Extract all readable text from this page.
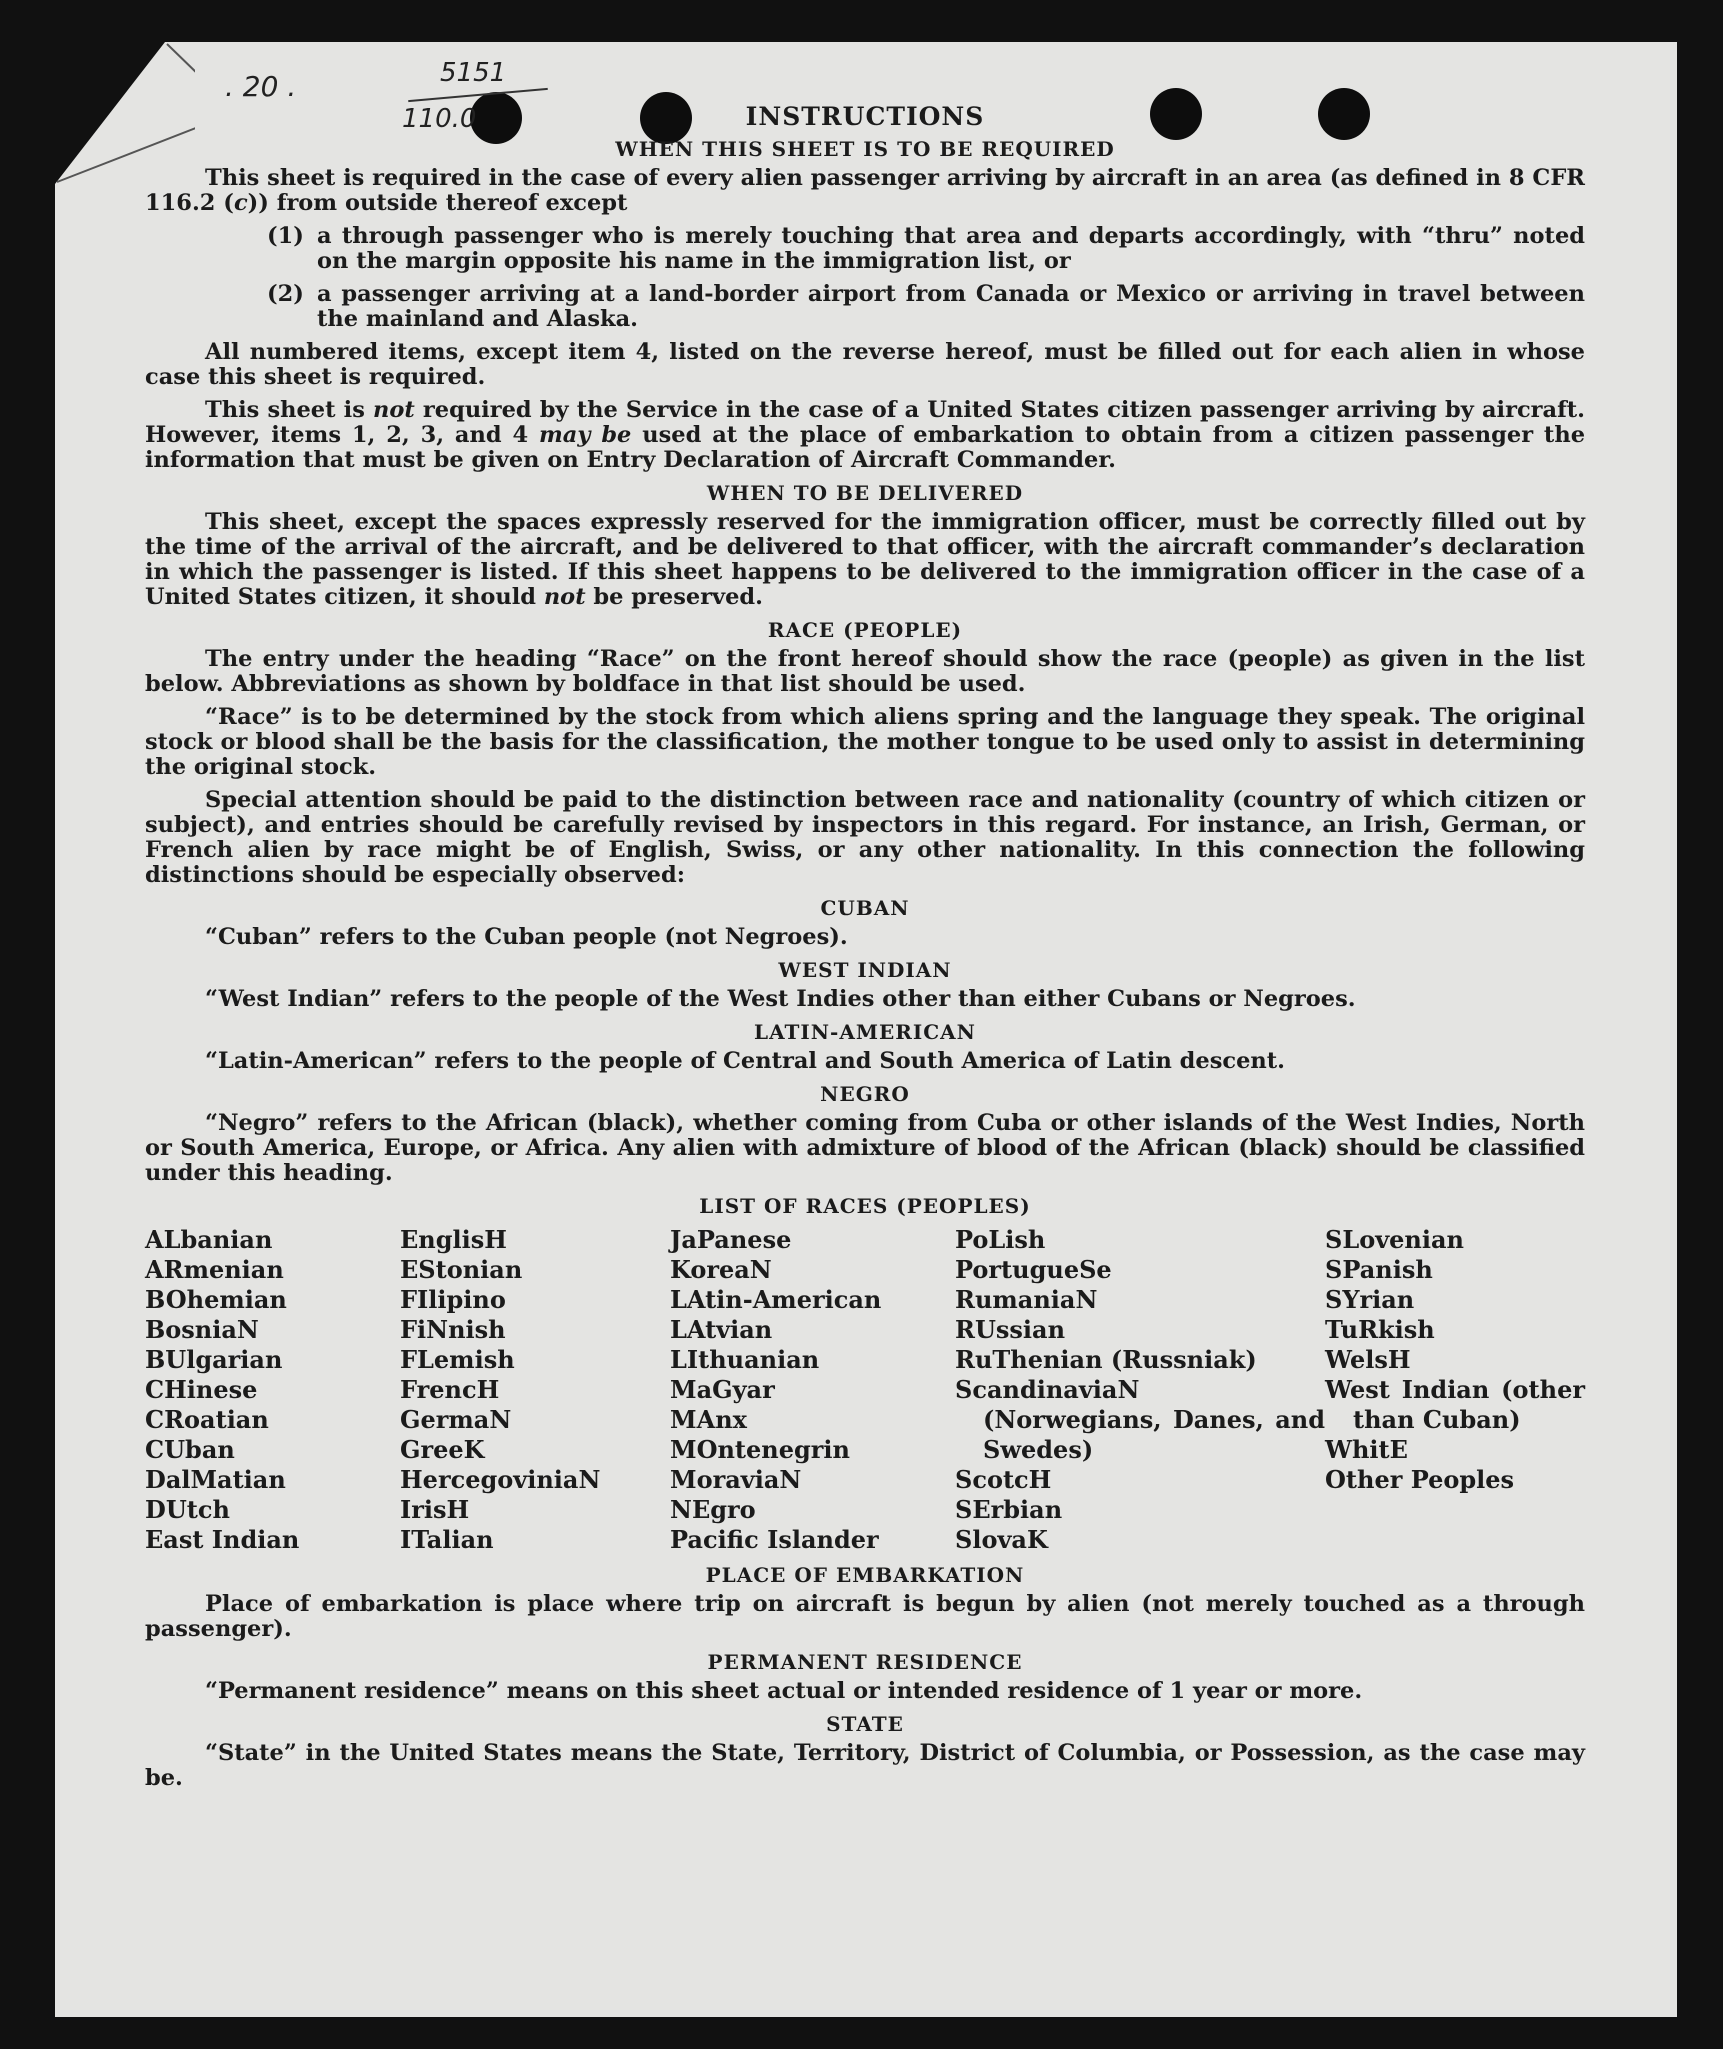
. 20 .	5151
110.0	INSTRUCTIONS
WHEN THIS SHEET IS TO BE REQUIRED

This sheet is required in the case of every alien passenger arriving by aircraft in an area (as defined in 8 CFR 116.2 (c)) from outside thereof except

(1) a through passenger who is merely touching that area and departs accordingly, with “thru” noted on the margin opposite his name in the immigration list, or
(2) a passenger arriving at a land-border airport from Canada or Mexico or arriving in travel between the mainland and Alaska.

All numbered items, except item 4, listed on the reverse hereof, must be filled out for each alien in whose case this sheet is required.

This sheet is not required by the Service in the case of a United States citizen passenger arriving by aircraft. However, items 1, 2, 3, and 4 may be used at the place of embarkation to obtain from a citizen passenger the information that must be given on Entry Declaration of Aircraft Commander.

WHEN TO BE DELIVERED

This sheet, except the spaces expressly reserved for the immigration officer, must be correctly filled out by the time of the arrival of the aircraft, and be delivered to that officer, with the aircraft commander’s declaration in which the passenger is listed. If this sheet happens to be delivered to the immigration officer in the case of a United States citizen, it should not be preserved.

RACE (PEOPLE)

The entry under the heading “Race” on the front hereof should show the race (people) as given in the list below. Abbreviations as shown by boldface in that list should be used.

“Race” is to be determined by the stock from which aliens spring and the language they speak. The original stock or blood shall be the basis for the classification, the mother tongue to be used only to assist in determining the original stock.

Special attention should be paid to the distinction between race and nationality (country of which citizen or subject), and entries should be carefully revised by inspectors in this regard. For instance, an Irish, German, or French alien by race might be of English, Swiss, or any other nationality. In this connection the following distinctions should be especially observed:

CUBAN

“Cuban” refers to the Cuban people (not Negroes).

WEST INDIAN

“West Indian” refers to the people of the West Indies other than either Cubans or Negroes.

LATIN-AMERICAN

“Latin-American” refers to the people of Central and South America of Latin descent.

NEGRO

“Negro” refers to the African (black), whether coming from Cuba or other islands of the West Indies, North or South America, Europe, or Africa. Any alien with admixture of blood of the African (black) should be classified under this heading.

LIST OF RACES (PEOPLES)
ALbanian
ARmenian
BOhemian
BosniaN
BUlgarian
CHinese
CRoatian
CUban
DalMatian
DUtch
East Indian
EnglisH
EStonian
FIlipino
FiNnish
FLemish
FrencH
GermaN
GreeK
HercegoviniaN
IrisH
ITalian
JaPanese
KoreaN
LAtin-American
LAtvian
LIthuanian
MaGyar
MAnx
MOntenegrin
MoraviaN
NEgro
Pacific Islander
PoLish
PortugueSe
RumaniaN
RUssian
RuThenian (Russniak)
ScandinaviaN (Norwegians, Danes, and Swedes)
ScotcH
SErbian
SlovaK
SLovenian
SPanish
SYrian
TuRkish
WelsH
West Indian (other than Cuban)
WhitE
Other Peoples
PLACE OF EMBARKATION

Place of embarkation is place where trip on aircraft is begun by alien (not merely touched as a through passenger).

PERMANENT RESIDENCE

“Permanent residence” means on this sheet actual or intended residence of 1 year or more.

STATE

“State” in the United States means the State, Territory, District of Columbia, or Possession, as the case may be.
